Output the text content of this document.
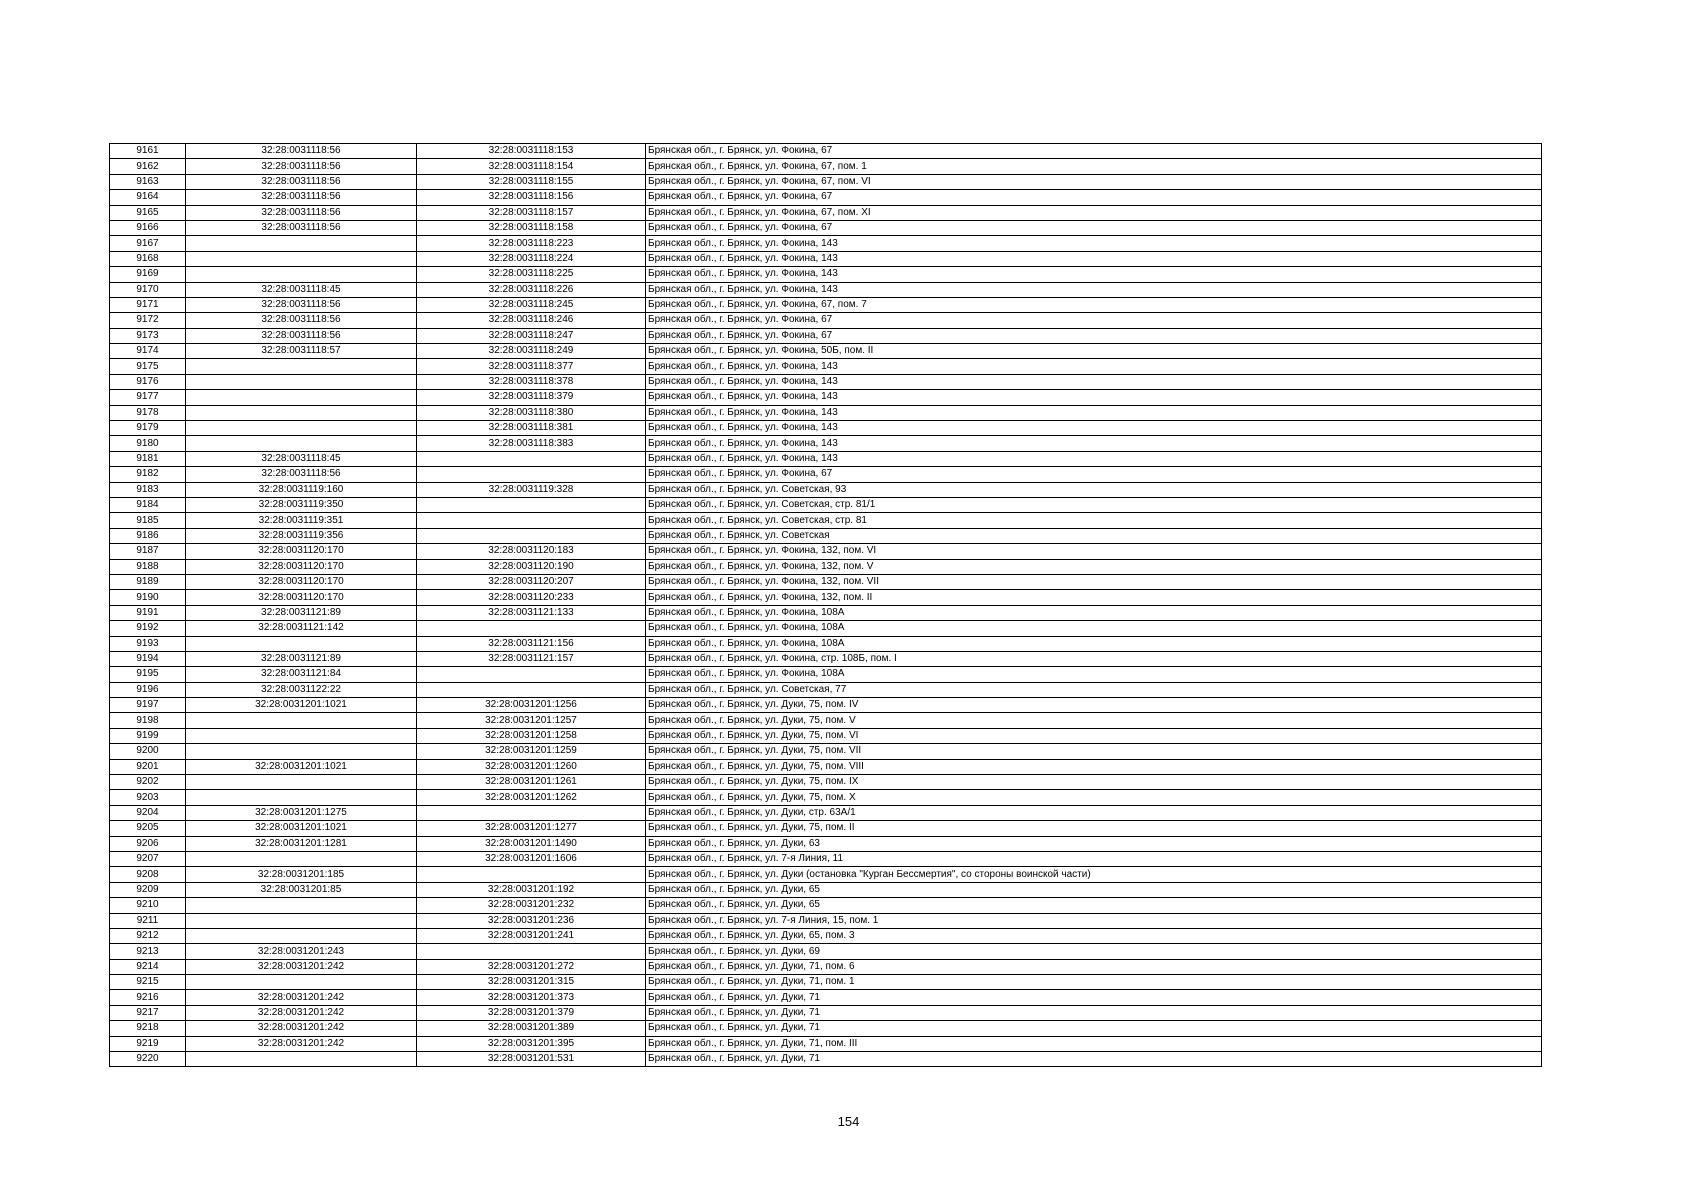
9161	32:28:0031118:56	32:28:0031118:153	Брянская обл., г. Брянск, ул. Фокина, 67
9162	32:28:0031118:56	32:28:0031118:154	Брянская обл., г. Брянск, ул. Фокина, 67, пом. 1
9163	32:28:0031118:56	32:28:0031118:155	Брянская обл., г. Брянск, ул. Фокина, 67, пом. VI
9164	32:28:0031118:56	32:28:0031118:156	Брянская обл., г. Брянск, ул. Фокина, 67
9165	32:28:0031118:56	32:28:0031118:157	Брянская обл., г. Брянск, ул. Фокина, 67, пом. XI
9166	32:28:0031118:56	32:28:0031118:158	Брянская обл., г. Брянск, ул. Фокина, 67
9167		32:28:0031118:223	Брянская обл., г. Брянск, ул. Фокина, 143
9168		32:28:0031118:224	Брянская обл., г. Брянск, ул. Фокина, 143
9169		32:28:0031118:225	Брянская обл., г. Брянск, ул. Фокина, 143
9170	32:28:0031118:45	32:28:0031118:226	Брянская обл., г. Брянск, ул. Фокина, 143
9171	32:28:0031118:56	32:28:0031118:245	Брянская обл., г. Брянск, ул. Фокина, 67, пом. 7
9172	32:28:0031118:56	32:28:0031118:246	Брянская обл., г. Брянск, ул. Фокина, 67
9173	32:28:0031118:56	32:28:0031118:247	Брянская обл., г. Брянск, ул. Фокина, 67
9174	32:28:0031118:57	32:28:0031118:249	Брянская обл., г. Брянск, ул. Фокина, 50Б, пом. II
9175		32:28:0031118:377	Брянская обл., г. Брянск, ул. Фокина, 143
9176		32:28:0031118:378	Брянская обл., г. Брянск, ул. Фокина, 143
9177		32:28:0031118:379	Брянская обл., г. Брянск, ул. Фокина, 143
9178		32:28:0031118:380	Брянская обл., г. Брянск, ул. Фокина, 143
9179		32:28:0031118:381	Брянская обл., г. Брянск, ул. Фокина, 143
9180		32:28:0031118:383	Брянская обл., г. Брянск, ул. Фокина, 143
9181	32:28:0031118:45		Брянская обл., г. Брянск, ул. Фокина, 143
9182	32:28:0031118:56		Брянская обл., г. Брянск, ул. Фокина, 67
9183	32:28:0031119:160	32:28:0031119:328	Брянская обл., г. Брянск, ул. Советская, 93
9184	32:28:0031119:350		Брянская обл., г. Брянск, ул. Советская, стр. 81/1
9185	32:28:0031119:351		Брянская обл., г. Брянск, ул. Советская, стр. 81
9186	32:28:0031119:356		Брянская обл., г. Брянск, ул. Советская
9187	32:28:0031120:170	32:28:0031120:183	Брянская обл., г. Брянск, ул. Фокина, 132, пом. VI
9188	32:28:0031120:170	32:28:0031120:190	Брянская обл., г. Брянск, ул. Фокина, 132, пом. V
9189	32:28:0031120:170	32:28:0031120:207	Брянская обл., г. Брянск, ул. Фокина, 132, пом. VII
9190	32:28:0031120:170	32:28:0031120:233	Брянская обл., г. Брянск, ул. Фокина, 132, пом. II
9191	32:28:0031121:89	32:28:0031121:133	Брянская обл., г. Брянск, ул. Фокина, 108А
9192	32:28:0031121:142		Брянская обл., г. Брянск, ул. Фокина, 108А
9193		32:28:0031121:156	Брянская обл., г. Брянск, ул. Фокина, 108А
9194	32:28:0031121:89	32:28:0031121:157	Брянская обл., г. Брянск, ул. Фокина, стр. 108Б, пом. I
9195	32:28:0031121:84		Брянская обл., г. Брянск, ул. Фокина, 108А
9196	32:28:0031122:22		Брянская обл., г. Брянск, ул. Советская, 77
9197	32:28:0031201:1021	32:28:0031201:1256	Брянская обл., г. Брянск, ул. Дуки, 75, пом. IV
9198		32:28:0031201:1257	Брянская обл., г. Брянск, ул. Дуки, 75, пом. V
9199		32:28:0031201:1258	Брянская обл., г. Брянск, ул. Дуки, 75, пом. VI
9200		32:28:0031201:1259	Брянская обл., г. Брянск, ул. Дуки, 75, пом. VII
9201	32:28:0031201:1021	32:28:0031201:1260	Брянская обл., г. Брянск, ул. Дуки, 75, пом. VIII
9202		32:28:0031201:1261	Брянская обл., г. Брянск, ул. Дуки, 75, пом. IX
9203		32:28:0031201:1262	Брянская обл., г. Брянск, ул. Дуки, 75, пом. X
9204	32:28:0031201:1275		Брянская обл., г. Брянск, ул. Дуки, стр. 63А/1
9205	32:28:0031201:1021	32:28:0031201:1277	Брянская обл., г. Брянск, ул. Дуки, 75, пом. II
9206	32:28:0031201:1281	32:28:0031201:1490	Брянская обл., г. Брянск, ул. Дуки, 63
9207		32:28:0031201:1606	Брянская обл., г. Брянск, ул. 7-я Линия, 11
9208	32:28:0031201:185		Брянская обл., г. Брянск, ул. Дуки (остановка "Курган Бессмертия", со стороны воинской части)
9209	32:28:0031201:85	32:28:0031201:192	Брянская обл., г. Брянск, ул. Дуки, 65
9210		32:28:0031201:232	Брянская обл., г. Брянск, ул. Дуки, 65
9211		32:28:0031201:236	Брянская обл., г. Брянск, ул. 7-я Линия, 15, пом. 1
9212		32:28:0031201:241	Брянская обл., г. Брянск, ул. Дуки, 65, пом. 3
9213	32:28:0031201:243		Брянская обл., г. Брянск, ул. Дуки, 69
9214	32:28:0031201:242	32:28:0031201:272	Брянская обл., г. Брянск, ул. Дуки, 71, пом. 6
9215		32:28:0031201:315	Брянская обл., г. Брянск, ул. Дуки, 71, пом. 1
9216	32:28:0031201:242	32:28:0031201:373	Брянская обл., г. Брянск, ул. Дуки, 71
9217	32:28:0031201:242	32:28:0031201:379	Брянская обл., г. Брянск, ул. Дуки, 71
9218	32:28:0031201:242	32:28:0031201:389	Брянская обл., г. Брянск, ул. Дуки, 71
9219	32:28:0031201:242	32:28:0031201:395	Брянская обл., г. Брянск, ул. Дуки, 71, пом. III
9220		32:28:0031201:531	Брянская обл., г. Брянск, ул. Дуки, 71
154
